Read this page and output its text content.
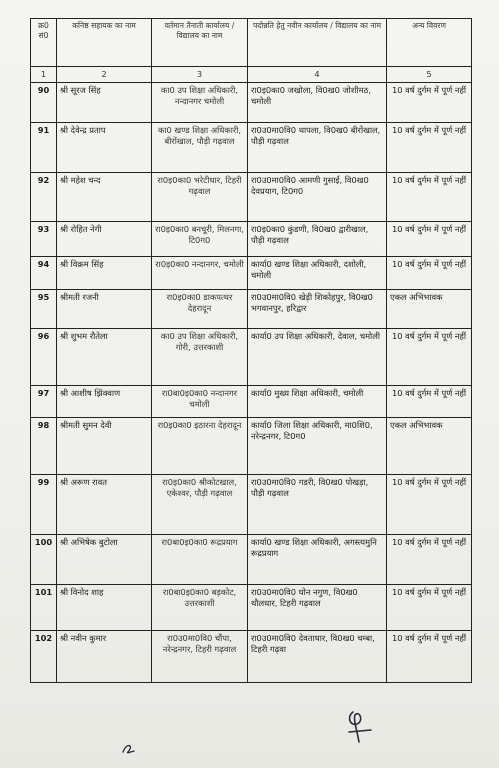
क्र0 सं0	कनिष्ठ सहायक का नाम	वर्तमान तैनाती कार्यालय / विद्यालय का नाम	पदोन्नति हेतु नवीन कार्यालय / विद्यालय का नाम	अन्य विवरण
1	2	3	4	5
90	श्री सूरज सिंह	का0 उप शिक्षा अधिकारी, नन्दानगर चमोली	रा0इ0का0 जखोला, वि0ख0 जोशीमठ, चमोली	10 वर्ष दुर्गम में पूर्ण नहीं
91	श्री देवेन्द्र प्रताप	का0 खण्ड शिक्षा अधिकारी, बीरोंखाल, पौड़ी गढ़वाल	रा0उ0मा0वि0 थापला, वि0ख0 बीरोंखाल, पौड़ी गढ़वाल	10 वर्ष दुर्गम में पूर्ण नहीं
92	श्री महेश चन्द	रा0इ0का0 भरेटीधार, टिहरी गढ़वाल	रा0उ0मा0वि0 आमणी गुसाईं, वि0ख0 देवप्रयाग, टि0ग0	10 वर्ष दुर्गम में पूर्ण नहीं
93	श्री रोहित नेगी	रा0इ0का0 बनचूरी, मिलनगा, टि0ग0	रा0इ0का0 कुंडणी, वि0ख0 द्वारीखाल, पौड़ी गढ़वाल	10 वर्ष दुर्गम में पूर्ण नहीं
94	श्री विक्रम सिंह	रा0इ0का0 नन्दानगर, चमोली	कार्या0 खण्ड शिक्षा अधिकारी, दशोली, चमोली	10 वर्ष दुर्गम में पूर्ण नहीं
95	श्रीमती रजनी	रा0इ0का0 डाकपत्थर देहरादून	रा0उ0मा0वि0 खेड़ी शिकोहपुर, वि0ख0 भगवानपुर, हरिद्वार	एकल अभिभावक
96	श्री शुभम रौतेला	का0 उप शिक्षा अधिकारी, गोरी, उत्तरकाशी	कार्या0 उप शिक्षा अधिकारी, देवाल, चमोली	10 वर्ष दुर्गम में पूर्ण नहीं
97	श्री आशीष झिंक्वाण	रा0बा0इ0का0 नन्दानगर चमोली	कार्या0 मुख्य शिक्षा अधिकारी, चमोली	10 वर्ष दुर्गम में पूर्ण नहीं
98	श्रीमती सुमन देवी	रा0इ0का0 इठारना देहरादून	कार्या0 जिला शिक्षा अधिकारी, मा0शि0, नरेन्द्रनगर, टि0ग0	एकल अभिभावक
99	श्री अरूण रावत	रा0इ0का0 श्रीकोटखाल, एकेश्वर, पौड़ी गढ़वाल	रा0उ0मा0वि0 गडरी, वि0ख0 पोखड़ा, पौड़ी गढ़वाल	10 वर्ष दुर्गम में पूर्ण नहीं
100	श्री अभिषेक बुटोला	रा0बा0इ0का0 रूद्रप्रयाग	कार्या0 खण्ड शिक्षा अधिकारी, अगस्त्यमुनि रूद्रप्रयाग	10 वर्ष दुर्गम में पूर्ण नहीं
101	श्री विनोद शाह	रा0बा0इ0का0 बड़कोट, उत्तरकाशी	रा0उ0मा0वि0 घोन नगुण, वि0ख0 थौलधार, टिहरी गढ़वाल	10 वर्ष दुर्गम में पूर्ण नहीं
102	श्री नवीन कुमार	रा0उ0मा0वि0 चौंपा, नरेन्द्रनगर, टिहरी गढ़वाल	रा0उ0मा0वि0 देवताधार, वि0ख0 चम्बा, टिहरी गढ़वा	10 वर्ष दुर्गम में पूर्ण नहीं
